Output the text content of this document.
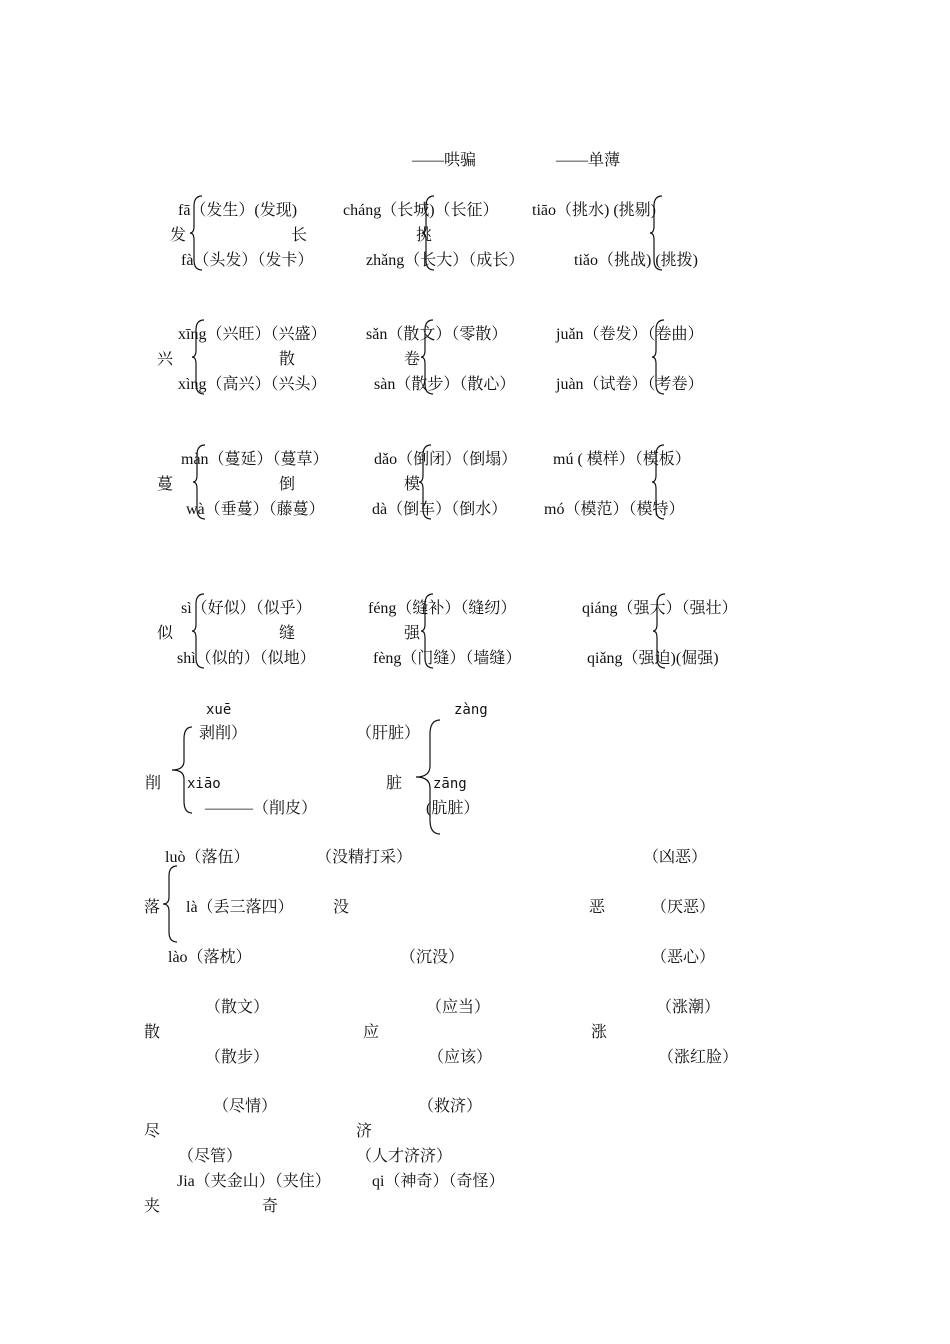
——哄骗	——单薄
fā（发生）(发现)
发
fà（头发）（发卡）
cháng（长城)（长征）
长
zhǎng（长大）（成长）
tiāo（挑水) (挑剔)
挑
tiǎo（挑战) (挑拨)
xīng（兴旺）（兴盛）
兴
xìng（高兴）（兴头）
sǎn（散文）（零散）
散
sàn（散步）（散心）
juǎn（卷发）（卷曲）
卷
juàn（试卷）（考卷）
màn（蔓延）（蔓草）
蔓
wà（垂蔓）（藤蔓）
dǎo（倒闭）（倒塌）
倒
dà（倒车）（倒水）
mú ( 模样）（模板）
模
mó（模范）（模特）
sì（好似）（似乎）
似
shì（似的）（似地）
féng（缝补）（缝纫）
缝
fèng（门缝）（墙缝）
qiáng（强大）（强壮）
强
qiǎng（强迫)(倔强)
xuē
剥削）
削 xiāo
———（削皮）
zàng
（肝脏）
脏 zāng
(肮脏）
luò（落伍）
落 là（丢三落四）
lào（落枕）
（没精打采）
没
（沉没）
（凶恶）
恶	（厌恶）
（恶心）
（散文）
散
（散步）
（应当）
应
（应该）
（涨潮）
涨
（涨红脸）
（尽情）
尽
（尽管）
（救济）
济
（人才济济）
Jia（夹金山）（夹住）
夹
qi（神奇）（奇怪）
奇
